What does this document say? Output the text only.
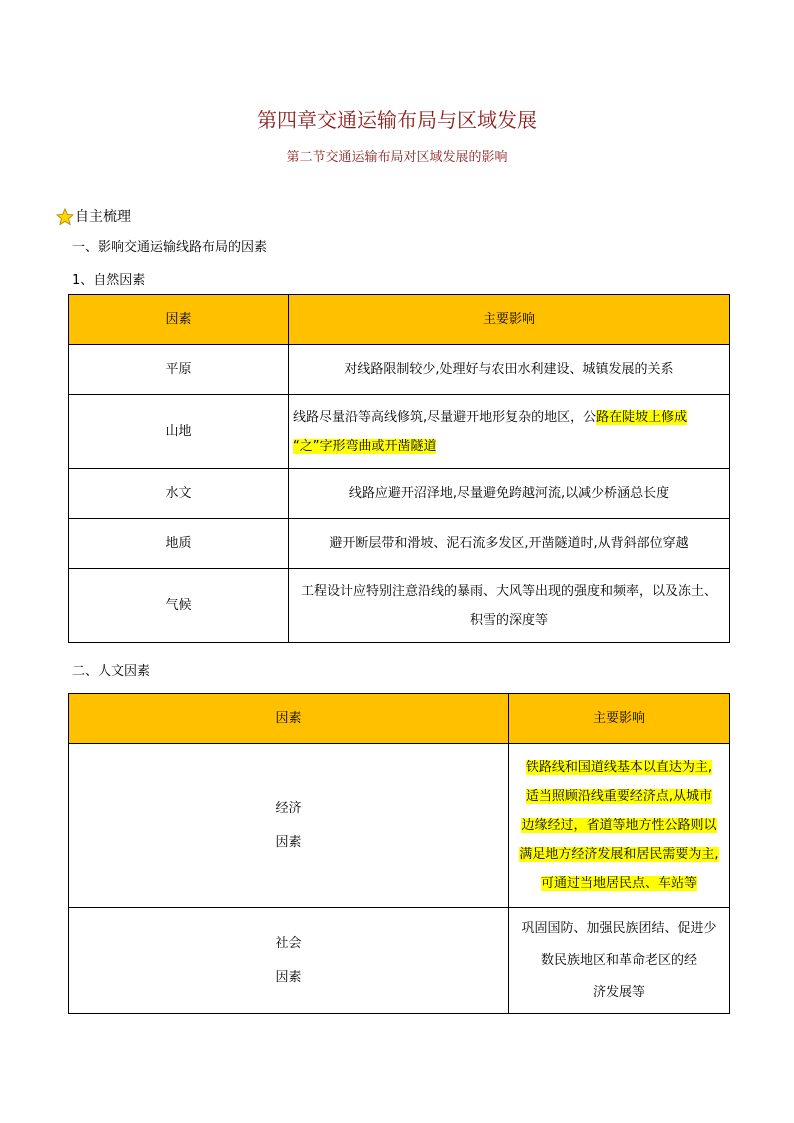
第四章交通运输布局与区域发展
第二节交通运输布局对区域发展的影响
自主梳理
一、影响交通运输线路布局的因素
1、自然因素
因素	主要影响
平原	对线路限制较少,处理好与农田水利建设、城镇发展的关系
山地	线路尽量沿等高线修筑,尽量避开地形复杂的地区，公路在陡坡上修成
“之”字形弯曲或开凿隧道
水文	线路应避开沼泽地,尽量避免跨越河流,以减少桥涵总长度
地质	避开断层带和滑坡、泥石流多发区,开凿隧道时,从背斜部位穿越
气候	工程设计应特别注意沿线的暴雨、大风等出现的强度和频率，以及冻土、
积雪的深度等
二、人文因素
因素	主要影响
经济
因素	铁路线和国道线基本以直达为主,
适当照顾沿线重要经济点,从城市
边缘经过，省道等地方性公路则以
满足地方经济发展和居民需要为主,
可通过当地居民点、车站等
社会
因素	巩固国防、加强民族团结、促进少
数民族地区和革命老区的经
济发展等
